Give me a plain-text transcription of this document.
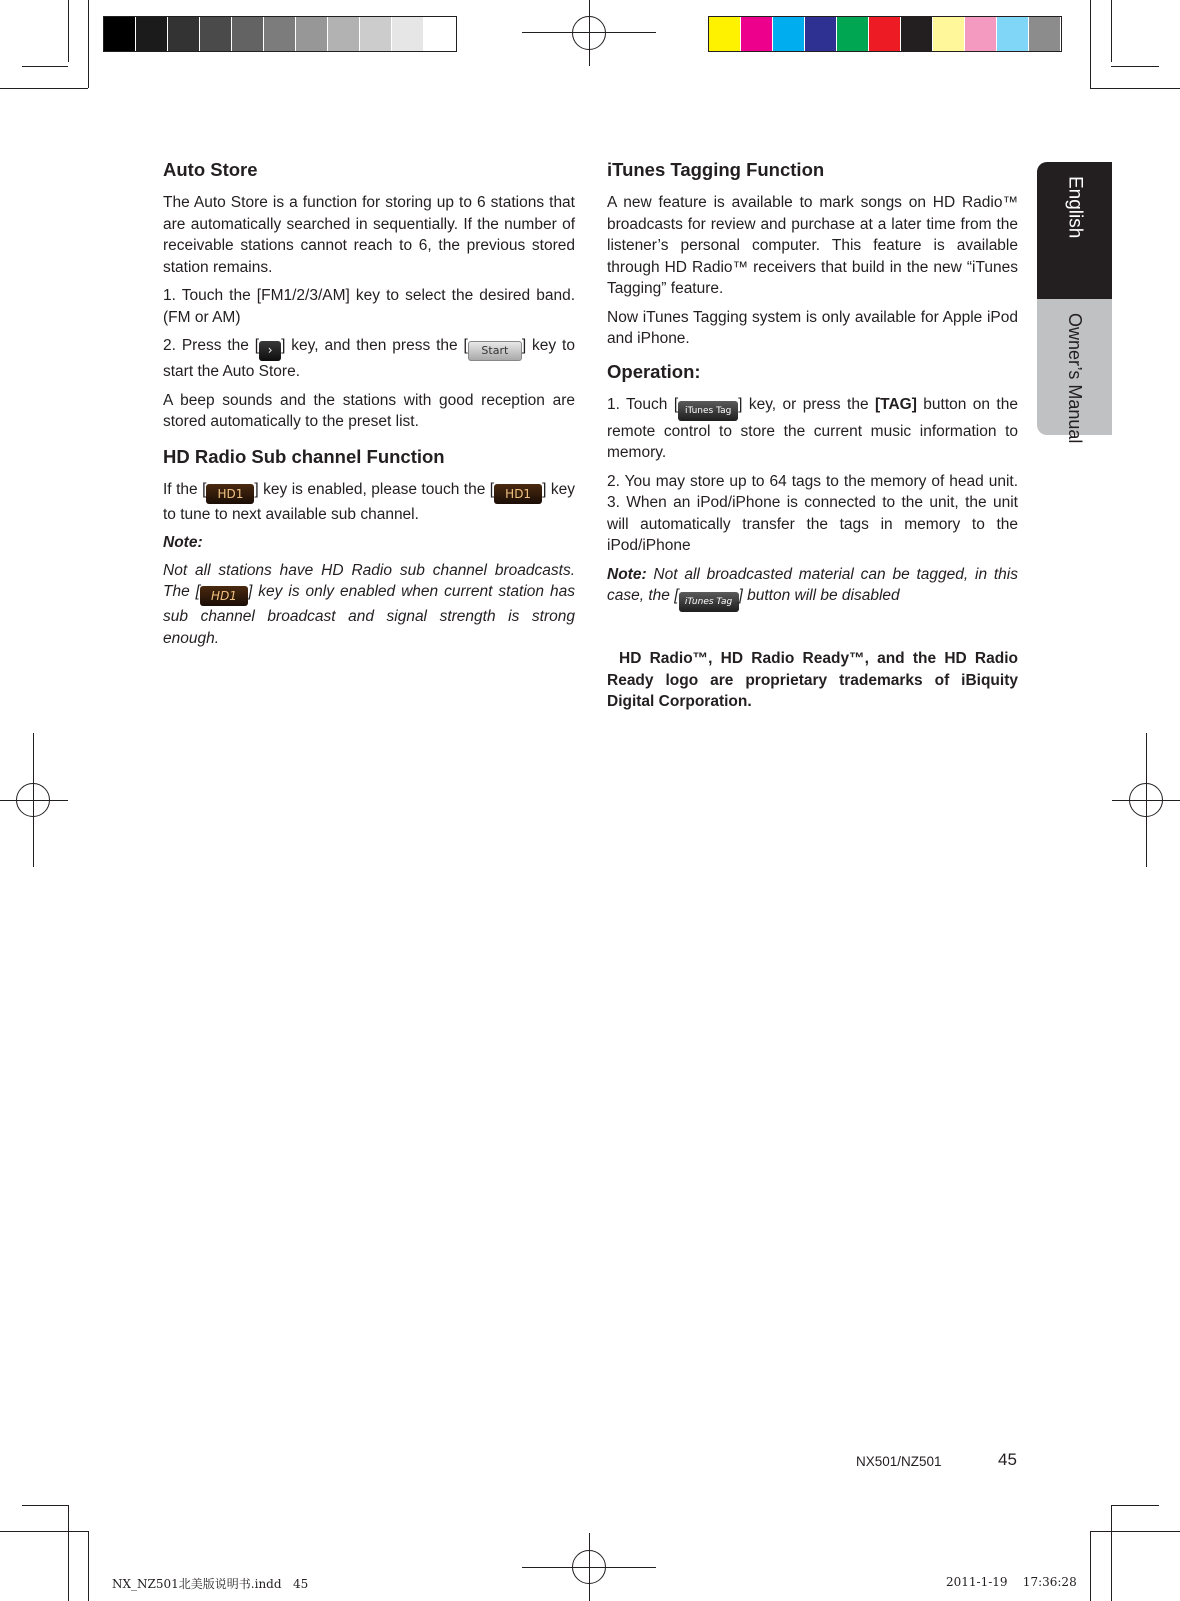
English
Owner’s Manual
Auto Store

The Auto Store is a function for storing up to 6 stations that are automatically searched in sequentially. If the number of receivable stations cannot reach to 6, the previous stored station remains.

1. Touch the [FM1/2/3/AM] key to select the desired band. (FM or AM)

2. Press the [ › ] key, and then press the [ Start ] key to start the Auto Store.

A beep sounds and the stations with good reception are stored automatically to the preset list.

HD Radio Sub channel Function

If the [ HD1 ] key is enabled, please touch the [ HD1 ] key to tune to next available sub channel.

Note:

Not all stations have HD Radio sub channel broadcasts. The [ HD1 ] key is only enabled when current station has sub channel broadcast and signal strength is strong enough.

iTunes Tagging Function

A new feature is available to mark songs on HD Radio™ broadcasts for review and purchase at a later time from the listener’s personal computer. This feature is available through HD Radio™ receivers that build in the new “iTunes Tagging” feature.

Now iTunes Tagging system is only available for Apple iPod and iPhone.

Operation:

1. Touch [ iTunes Tag ] key, or press the [TAG] button on the remote control to store the current music information to memory.

2. You may store up to 64 tags to the memory of head unit. 3. When an iPod/iPhone is connected to the unit, the unit will automatically transfer the tags in memory to the iPod/iPhone

Note: Not all broadcasted material can be tagged, in this case, the [ iTunes Tag ] button will be disabled

HD Radio™, HD Radio Ready™, and the HD Radio Ready logo are proprietary trademarks of iBiquity Digital Corporation.

NX501/NZ501	45
NX_NZ501北美版说明书.indd   45	2011-1-19    17:36:28
